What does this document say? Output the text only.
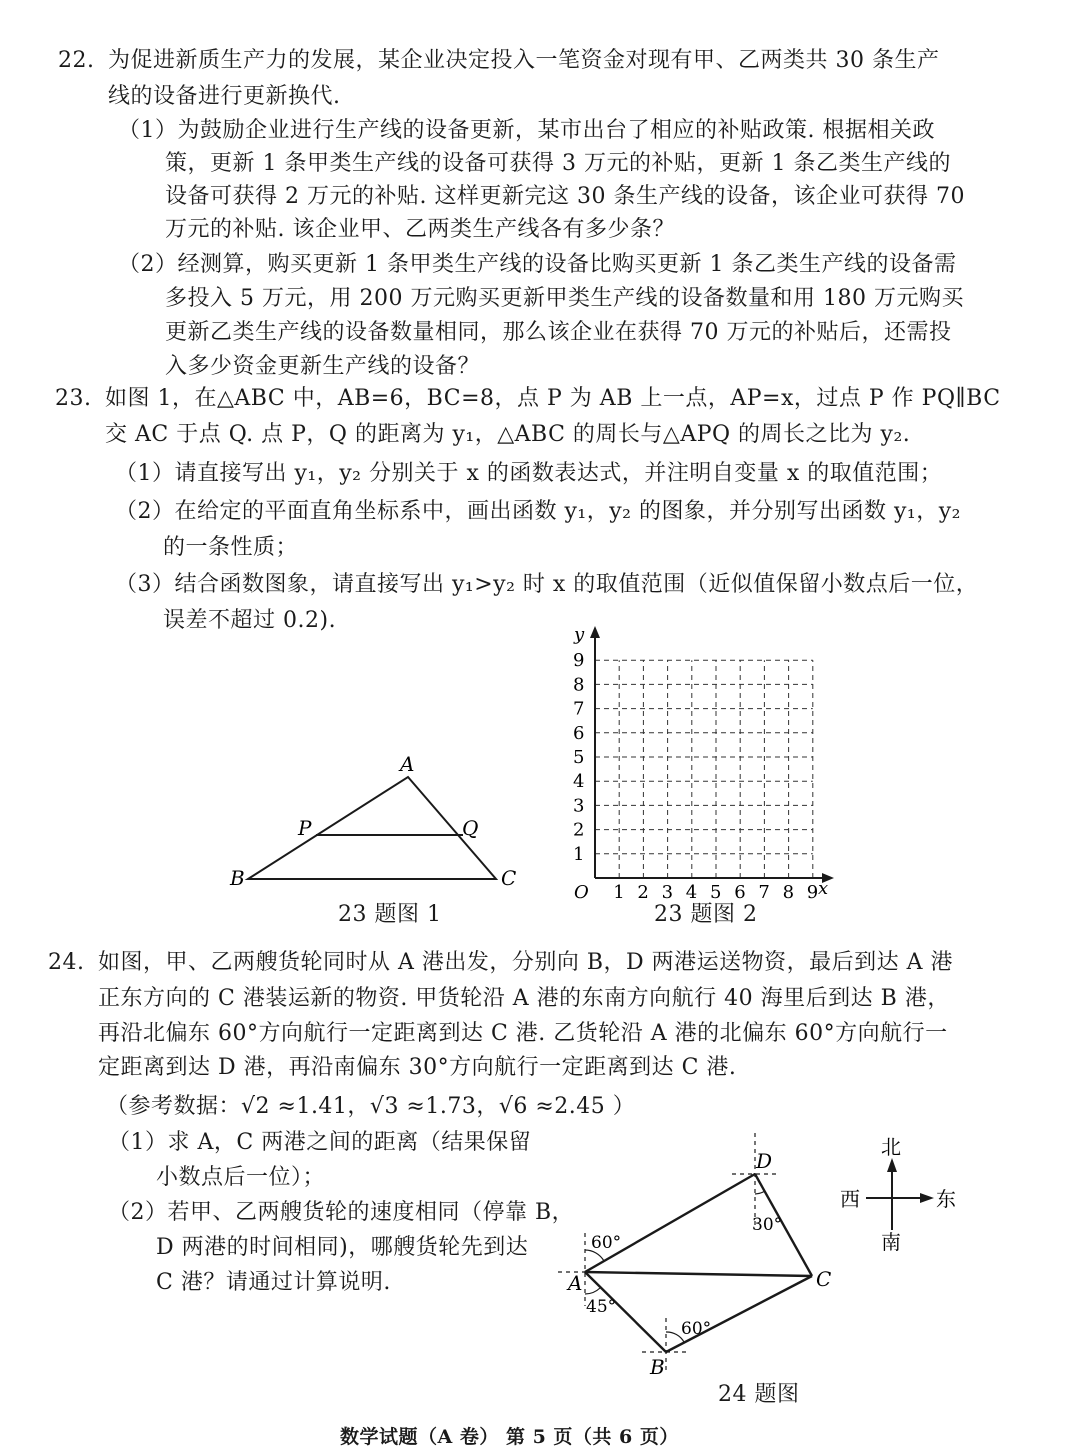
22. 为促进新质生产力的发展，某企业决定投入一笔资金对现有甲、乙两类共 30 条生产
线的设备进行更新换代.
（1）为鼓励企业进行生产线的设备更新，某市出台了相应的补贴政策. 根据相关政
策，更新 1 条甲类生产线的设备可获得 3 万元的补贴，更新 1 条乙类生产线的
设备可获得 2 万元的补贴. 这样更新完这 30 条生产线的设备，该企业可获得 70
万元的补贴. 该企业甲、乙两类生产线各有多少条？
（2）经测算，购买更新 1 条甲类生产线的设备比购买更新 1 条乙类生产线的设备需
多投入 5 万元，用 200 万元购买更新甲类生产线的设备数量和用 180 万元购买
更新乙类生产线的设备数量相同，那么该企业在获得 70 万元的补贴后，还需投
入多少资金更新生产线的设备？
23. 如图 1，在△ABC 中，AB=6，BC=8，点 P 为 AB 上一点，AP=x，过点 P 作 PQ∥BC
交 AC 于点 Q. 点 P，Q 的距离为 y₁，△ABC 的周长与△APQ 的周长之比为 y₂.
（1）请直接写出 y₁，y₂ 分别关于 x 的函数表达式，并注明自变量 x 的取值范围；
（2）在给定的平面直角坐标系中，画出函数 y₁，y₂ 的图象，并分别写出函数 y₁，y₂
的一条性质；
（3）结合函数图象，请直接写出 y₁>y₂ 时 x 的取值范围（近似值保留小数点后一位，
误差不超过 0.2).
A
B	C
P	Q
23 题图 1
y
x
O
1
2
3
4
5
6
7
8
9
1 2 3 4 5 6 7 8 9
23 题图 2
24. 如图，甲、乙两艘货轮同时从 A 港出发，分别向 B，D 两港运送物资，最后到达 A 港
正东方向的 C 港装运新的物资. 甲货轮沿 A 港的东南方向航行 40 海里后到达 B 港，
再沿北偏东 60°方向航行一定距离到达 C 港. 乙货轮沿 A 港的北偏东 60°方向航行一
定距离到达 D 港，再沿南偏东 30°方向航行一定距离到达 C 港.
（参考数据：√2 ≈1.41，√3 ≈1.73，√6 ≈2.45 ）
（1）求 A，C 两港之间的距离（结果保留
小数点后一位）；
（2）若甲、乙两艘货轮的速度相同（停靠 B，
D 两港的时间相同)，哪艘货轮先到达
C 港？请通过计算说明.
60°
45°
30°
60°
A
B
C
D
24 题图
北
南
东
西
数学试题（A 卷） 第 5 页（共 6 页）
